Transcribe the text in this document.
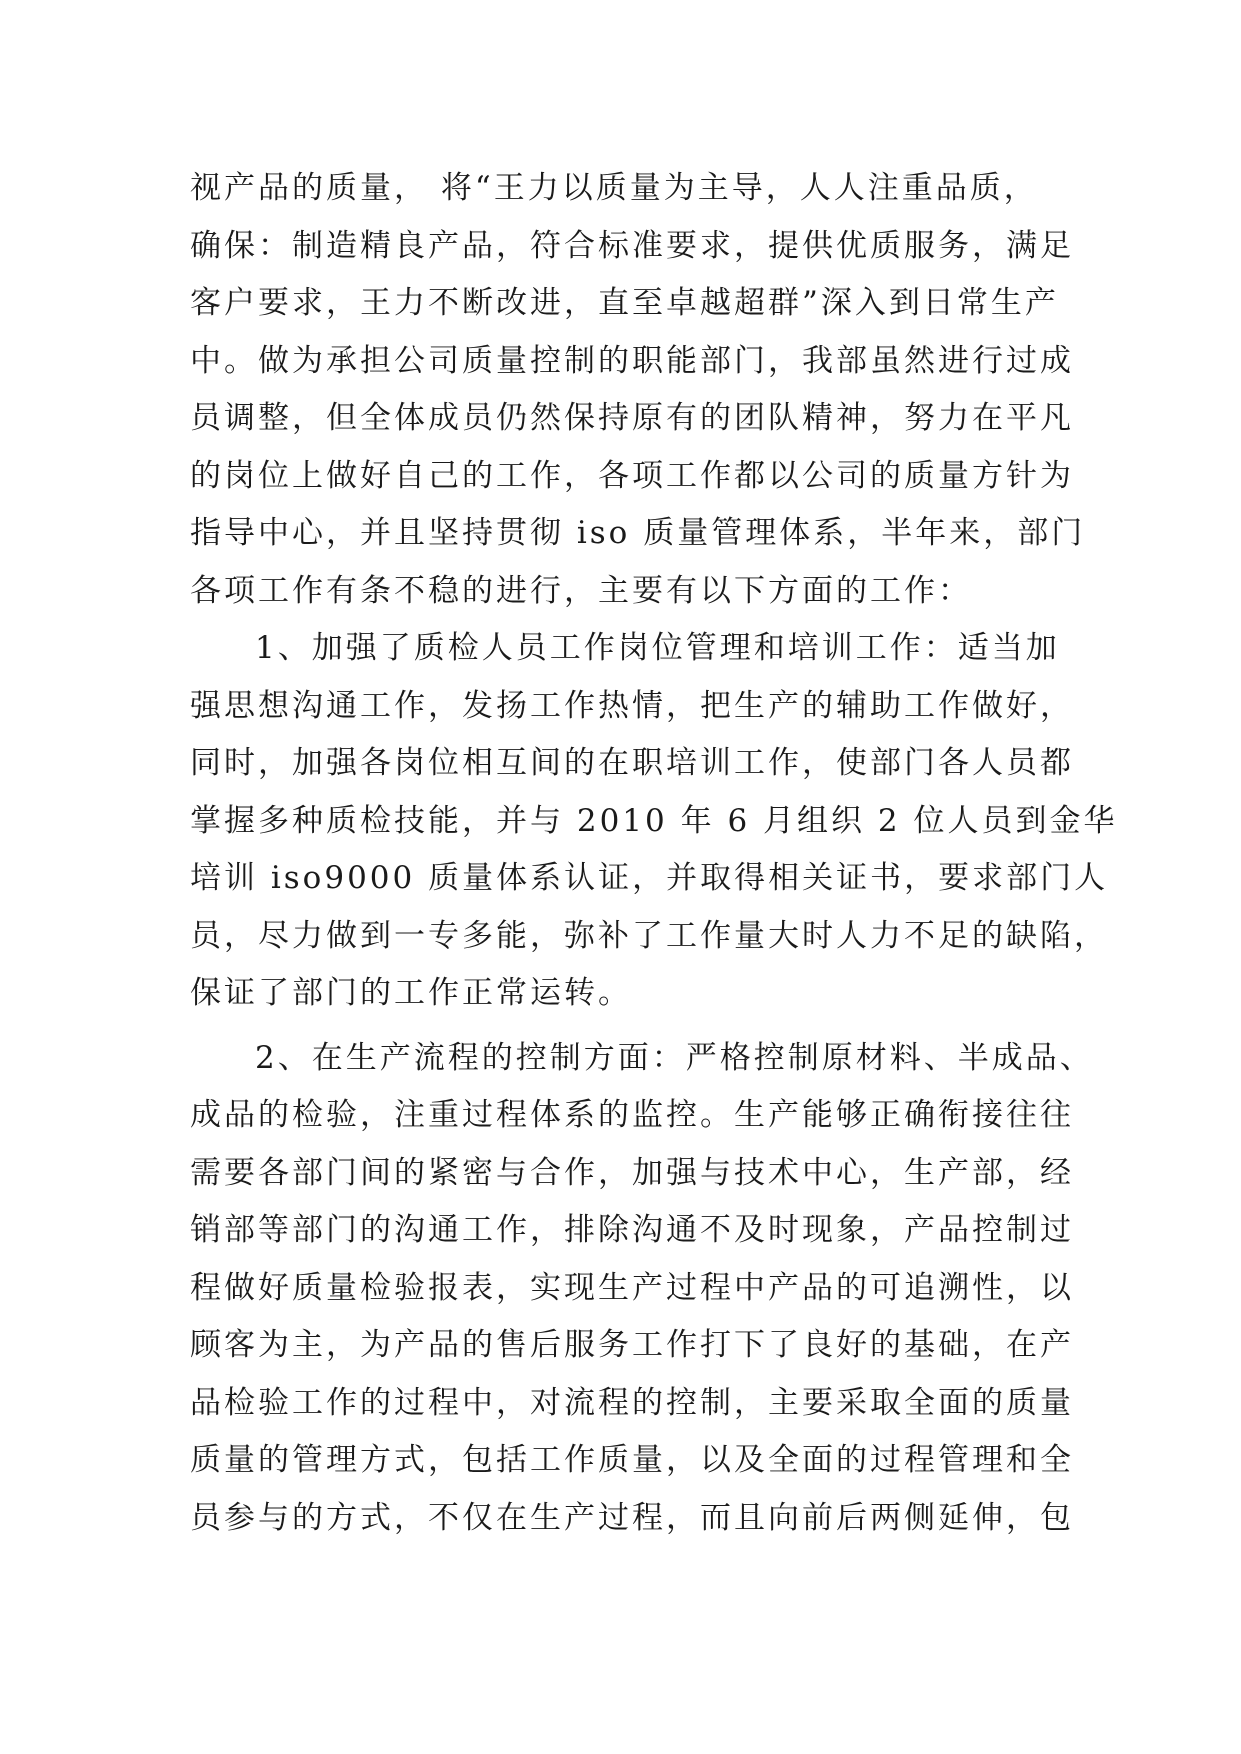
视产品的质量， 将“王力以质量为主导，人人注重品质，
确保：制造精良产品，符合标准要求，提供优质服务，满足
客户要求，王力不断改进，直至卓越超群”深入到日常生产
中。做为承担公司质量控制的职能部门，我部虽然进行过成
员调整，但全体成员仍然保持原有的团队精神，努力在平凡
的岗位上做好自己的工作，各项工作都以公司的质量方针为
指导中心，并且坚持贯彻 iso 质量管理体系，半年来，部门
各项工作有条不稳的进行，主要有以下方面的工作：
1、加强了质检人员工作岗位管理和培训工作：适当加
强思想沟通工作，发扬工作热情，把生产的辅助工作做好，
同时，加强各岗位相互间的在职培训工作，使部门各人员都
掌握多种质检技能，并与 2010 年 6 月组织 2 位人员到金华
培训 iso9000 质量体系认证，并取得相关证书，要求部门人
员，尽力做到一专多能，弥补了工作量大时人力不足的缺陷，
保证了部门的工作正常运转。
2、在生产流程的控制方面：严格控制原材料、半成品、
成品的检验，注重过程体系的监控。生产能够正确衔接往往
需要各部门间的紧密与合作，加强与技术中心，生产部，经
销部等部门的沟通工作，排除沟通不及时现象，产品控制过
程做好质量检验报表，实现生产过程中产品的可追溯性，以
顾客为主，为产品的售后服务工作打下了良好的基础，在产
品检验工作的过程中，对流程的控制，主要采取全面的质量
质量的管理方式，包括工作质量，以及全面的过程管理和全
员参与的方式，不仅在生产过程，而且向前后两侧延伸，包
